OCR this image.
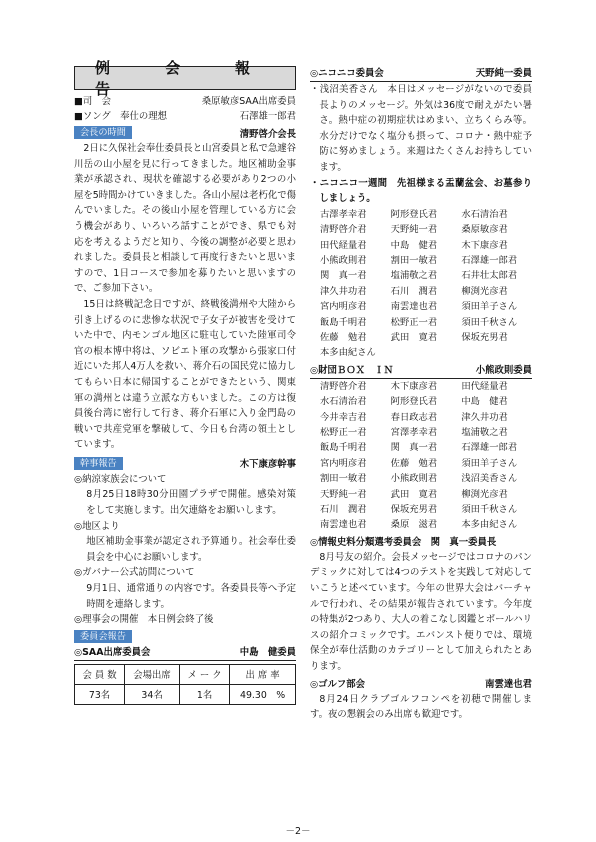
例　会　報　告
■司　会	桑原敏彦SAA出席委員
■ソング　奉仕の理想	石澤雄一郎君
会長の時間	清野啓介会長

2日に久保社会奉仕委員長と山宮委員と私で急遽谷川岳の山小屋を見に行ってきました。地区補助金事業が承認され、現状を確認する必要があり2つの小屋を5時間かけていきました。各山小屋は老朽化で傷んでいました。その後山小屋を管理している方に会う機会があり、いろいろ話すことができ、県でも対応を考えるようだと知り、今後の調整が必要と思われました。委員長と相談して再度行きたいと思いますので、1日コースで参加を募りたいと思いますので、ご参加下さい。

15日は終戦記念日ですが、終戦後満州や大陸から引き上げるのに悲惨な状況で子女子が被害を受けていた中で、内モンゴル地区に駐屯していた陸軍司令官の根本博中将は、ソビエト軍の攻撃から張家口付近にいた邦人4万人を救い、蒋介石の国民党に協力してもらい日本に帰国することができたという、関東軍の満州とは違う立派な方もいました。この方は復員後台湾に密行して行き、蒋介石軍に入り金門島の戦いで共産党軍を撃破して、今日も台湾の領土としています。

幹事報告	木下康彦幹事

◎納涼家族会について

8月25日18時30分田園プラザで開催。感染対策をして実施します。出欠連絡をお願いします。

◎地区より

地区補助金事業が認定され予算通り。社会奉仕委員会を中心にお願いします。

◎ガバナー公式訪問について

9月1日、通常通りの内容です。各委員長等へ予定時間を連絡します。

◎理事会の開催　本日例会終了後

委員会報告
◎SAA出席委員会	中島　健委員
会 員 数	会場出席	メ ー ク	出 席 率
73名	34名	1名	49.30　%
◎ニコニコ委員会	天野純一委員

・浅沼美香さん　本日はメッセージがないので委員長よりのメッセージ。外気は36度で耐えがたい暑さ。熱中症の初期症状はめまい、立ちくらみ等。水分だけでなく塩分も摂って、コロナ・熱中症予防に努めましょう。来週はたくさんお持ちしています。

・ニコニコ一週間　先祖様まる盂蘭盆会、お墓参りしましょう。

古澤孝幸君	阿形登氏君	水石清治君
清野啓介君	天野純一君	桑原敏彦君
田代経量君	中島　健君	木下康彦君
小熊政則君	割田一敏君	石澤雄一郎君
関　真一君	塩浦敬之君	石井壮太郎君
津久井功君	石川　潤君	柳渕光彦君
宮内明彦君	南雲達也君	須田羊子さん
飯島千明君	松野正一君	須田千秋さん
佐藤　勉君	武田　寛君	保坂充男君
本多由紀さん
◎財団ＢＯＸ　ＩＮ	小熊政則委員
清野啓介君	木下康彦君	田代経量君
水石清治君	阿形登氏君	中島　健君
今井幸吉君	春日政志君	津久井功君
松野正一君	宮澤孝幸君	塩浦敬之君
飯島千明君	関　真一君	石澤雄一郎君
宮内明彦君	佐藤　勉君	須田羊子さん
割田一敏君	小熊政則君	浅沼美香さん
天野純一君	武田　寛君	柳渕光彦君
石川　潤君	保坂充男君	須田千秋さん
南雲達也君	桑原　滋君	本多由紀さん
◎情報史料分類選考委員会　関　真一委員長

8月号友の紹介。会長メッセージではコロナのパンデミックに対しては4つのテストを実践して対応していこうと述べています。今年の世界大会はバーチャルで行われ、その結果が報告されています。今年度の特集が2つあり、大人の着こなし図鑑とボールハリスの紹介コミックです。エバンスト便りでは、環境保全が奉仕活動のカテゴリーとして加えられたとあります。

◎ゴルフ部会	南雲達也君

8月24日クラブゴルフコンペを初穂で開催します。夜の懇親会のみ出席も歓迎です。

－2－
